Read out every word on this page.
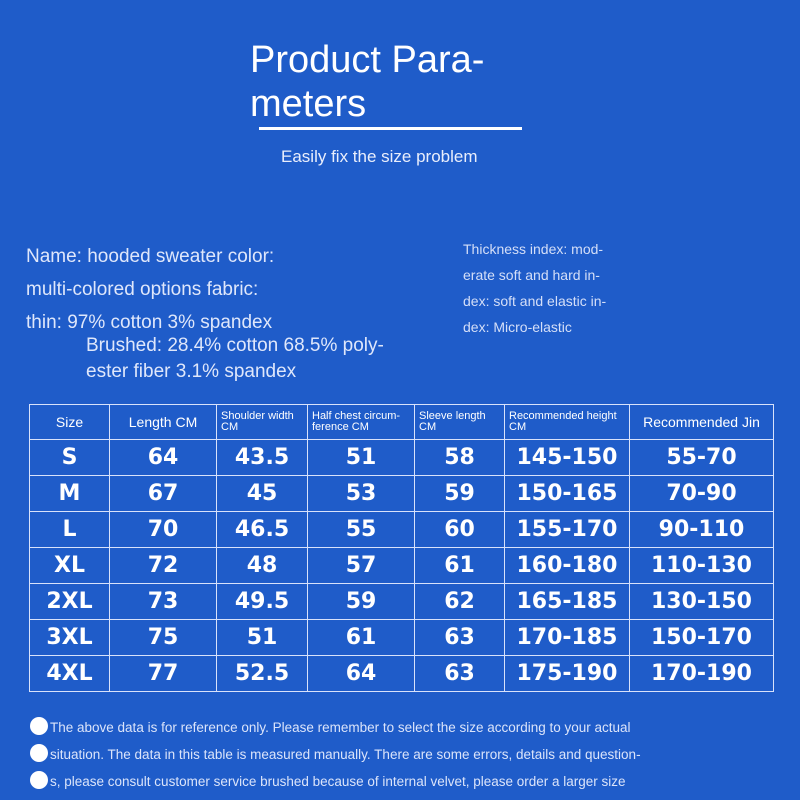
Product Para-
meters
Easily fix the size problem
Name: hooded sweater color:
multi-colored options fabric:
thin: 97% cotton 3% spandex
Brushed: 28.4% cotton 68.5% poly-ester fiber 3.1% spandex
Thickness index: mod-erate soft and hard in-dex: soft and elastic in-dex: Micro-elastic
Size	Length CM	Shoulder width CM	Half chest circum-ference CM	Sleeve length CM	Recommended height CM	Recommended Jin
S	64	43.5	51	58	145-150	55-70
M	67	45	53	59	150-165	70-90
L	70	46.5	55	60	155-170	90-110
XL	72	48	57	61	160-180	110-130
2XL	73	49.5	59	62	165-185	130-150
3XL	75	51	61	63	170-185	150-170
4XL	77	52.5	64	63	175-190	170-190
The above data is for reference only. Please remember to select the size according to your actual
situation. The data in this table is measured manually. There are some errors, details and question-
s, please consult customer service brushed because of internal velvet, please order a larger size
